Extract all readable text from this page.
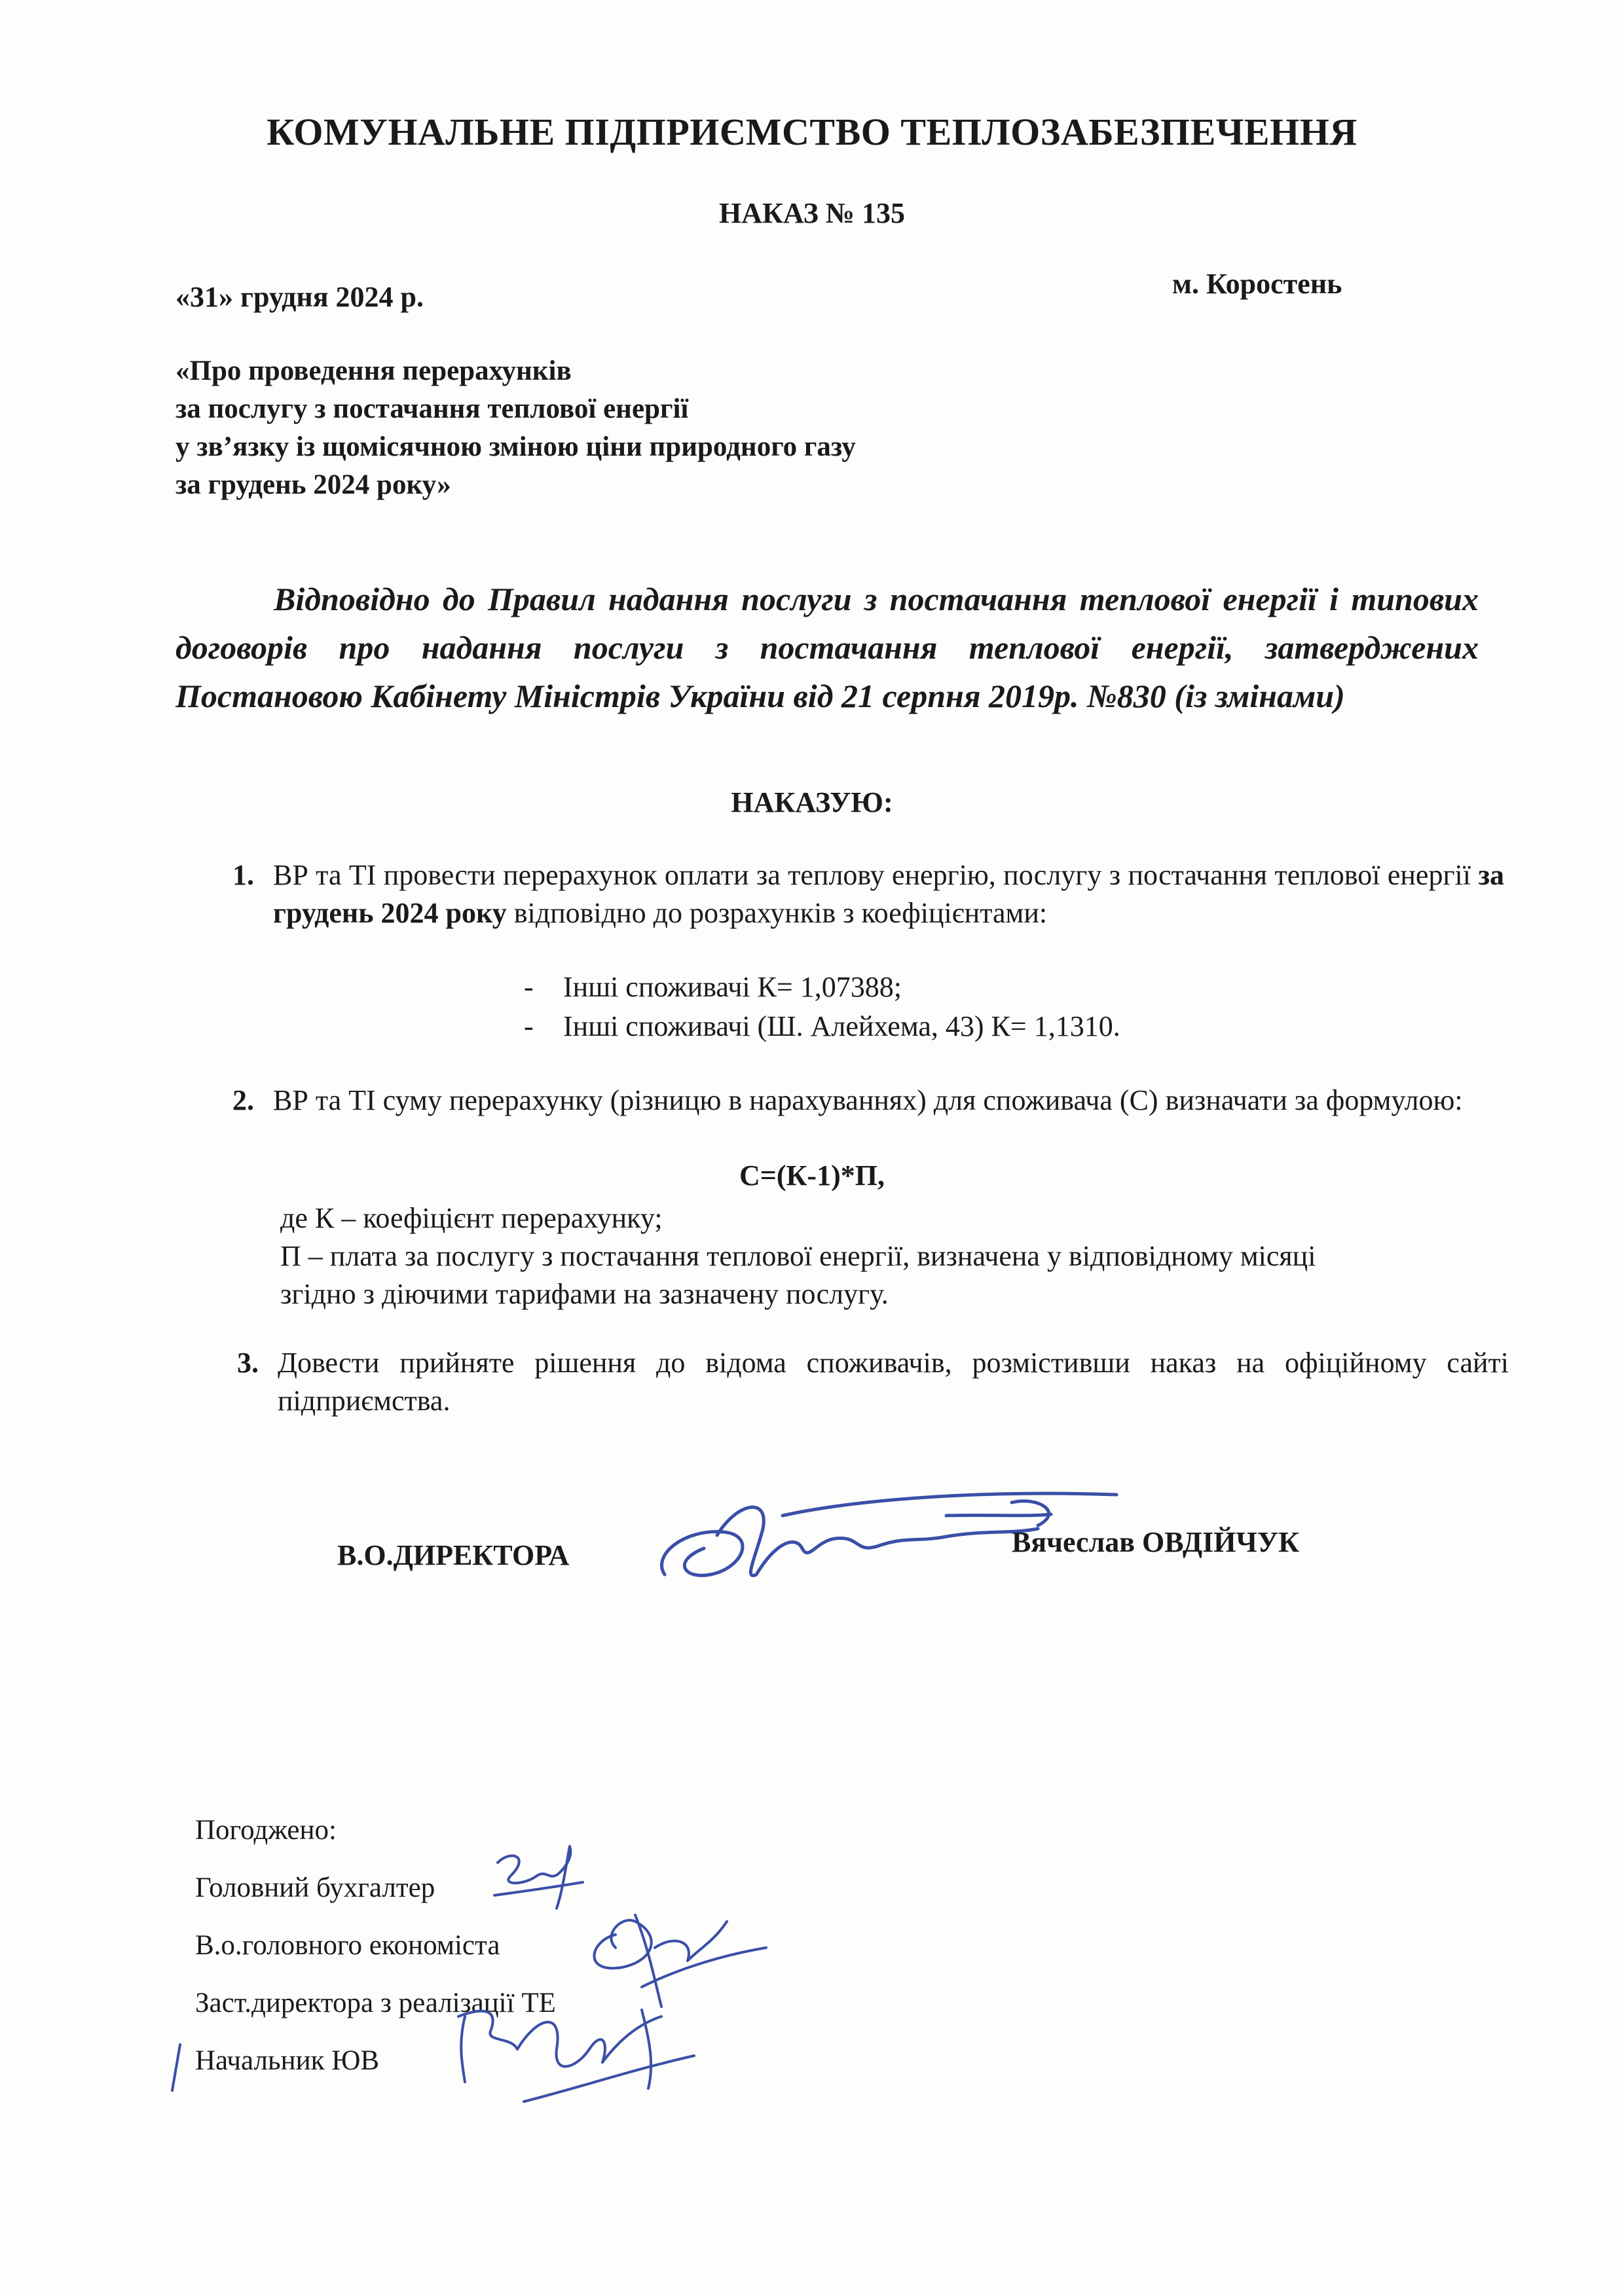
КОМУНАЛЬНЕ ПІДПРИЄМСТВО ТЕПЛОЗАБЕЗПЕЧЕННЯ
НАКАЗ № 135
«31» грудня 2024 р.	м. Коростень
«Про проведення перерахунків
за послугу з постачання теплової енергії
у зв’язку із щомісячною зміною ціни природного газу
за грудень 2024 року»
Відповідно до Правил надання послуги з постачання теплової енергії і типових договорів про надання послуги з постачання теплової енергії, затверджених Постановою Кабінету Міністрів України від 21 серпня 2019р. №830 (із змінами)
НАКАЗУЮ:
1. ВР та ТІ провести перерахунок оплати за теплову енергію, послугу з постачання теплової енергії за грудень 2024 року відповідно до розрахунків з коефіцієнтами:
- Інші споживачі К= 1,07388;
- Інші споживачі (Ш. Алейхема, 43) К= 1,1310.
2. ВР та ТІ суму перерахунку (різницю в нарахуваннях) для споживача (С) визначати за формулою:
С=(К-1)*П,
де К – коефіцієнт перерахунку;
П – плата за послугу з постачання теплової енергії, визначена у відповідному місяці
згідно з діючими тарифами на зазначену послугу.
3. Довести прийняте рішення до відома споживачів, розмістивши наказ на офіційному сайті підприємства.
В.О.ДИРЕКТОРА	Вячеслав ОВДІЙЧУК
Погоджено:
Головний бухгалтер
В.о.головного економіста
Заст.директора з реалізації ТЕ
Начальник ЮВ
